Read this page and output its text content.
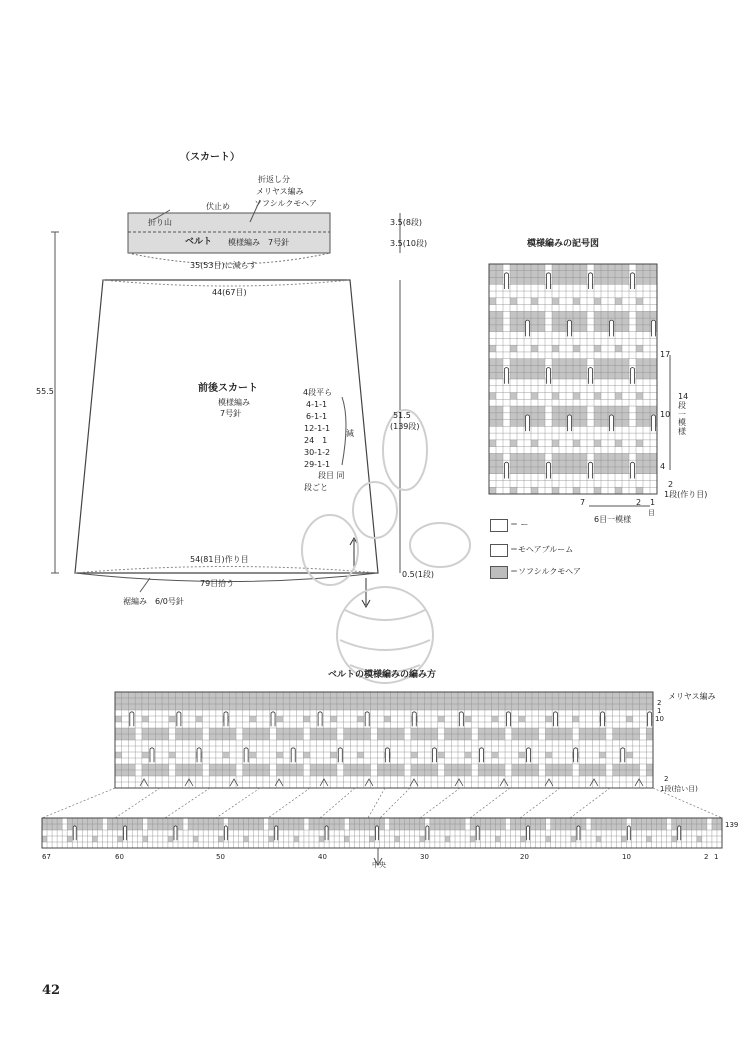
（スカート）
折返し分
メリヤス編み
ソフシルクモヘア
伏止め
折り山
ベルト 模様編み　7号針
35(53目)に減らす
44(67目)
前後スカート
模様編み
7号針
54(81目)作り目
79目拾う
裾編み　6/0号針
55.5
51.5
(139段)
3.5(8段)
3.5(10段)
0.5(1段)
4段平ら
4-1-1
6-1-1
12-1-1
24　1
30-1-2
29-1-1
減
段目 同
段ごと
模様編みの記号図
17
14段一模様
10
4
2
1段(作り目)
7	2 1
6目一模様
目
＝ ー
＝モヘアブルーム
＝ソフシルクモヘア
ベルトの模様編みの編み方
メリヤス編み
2
1
10
2
1段(拾い目)
139
67	60	50	40	30	20	10	2 1
中央
42
